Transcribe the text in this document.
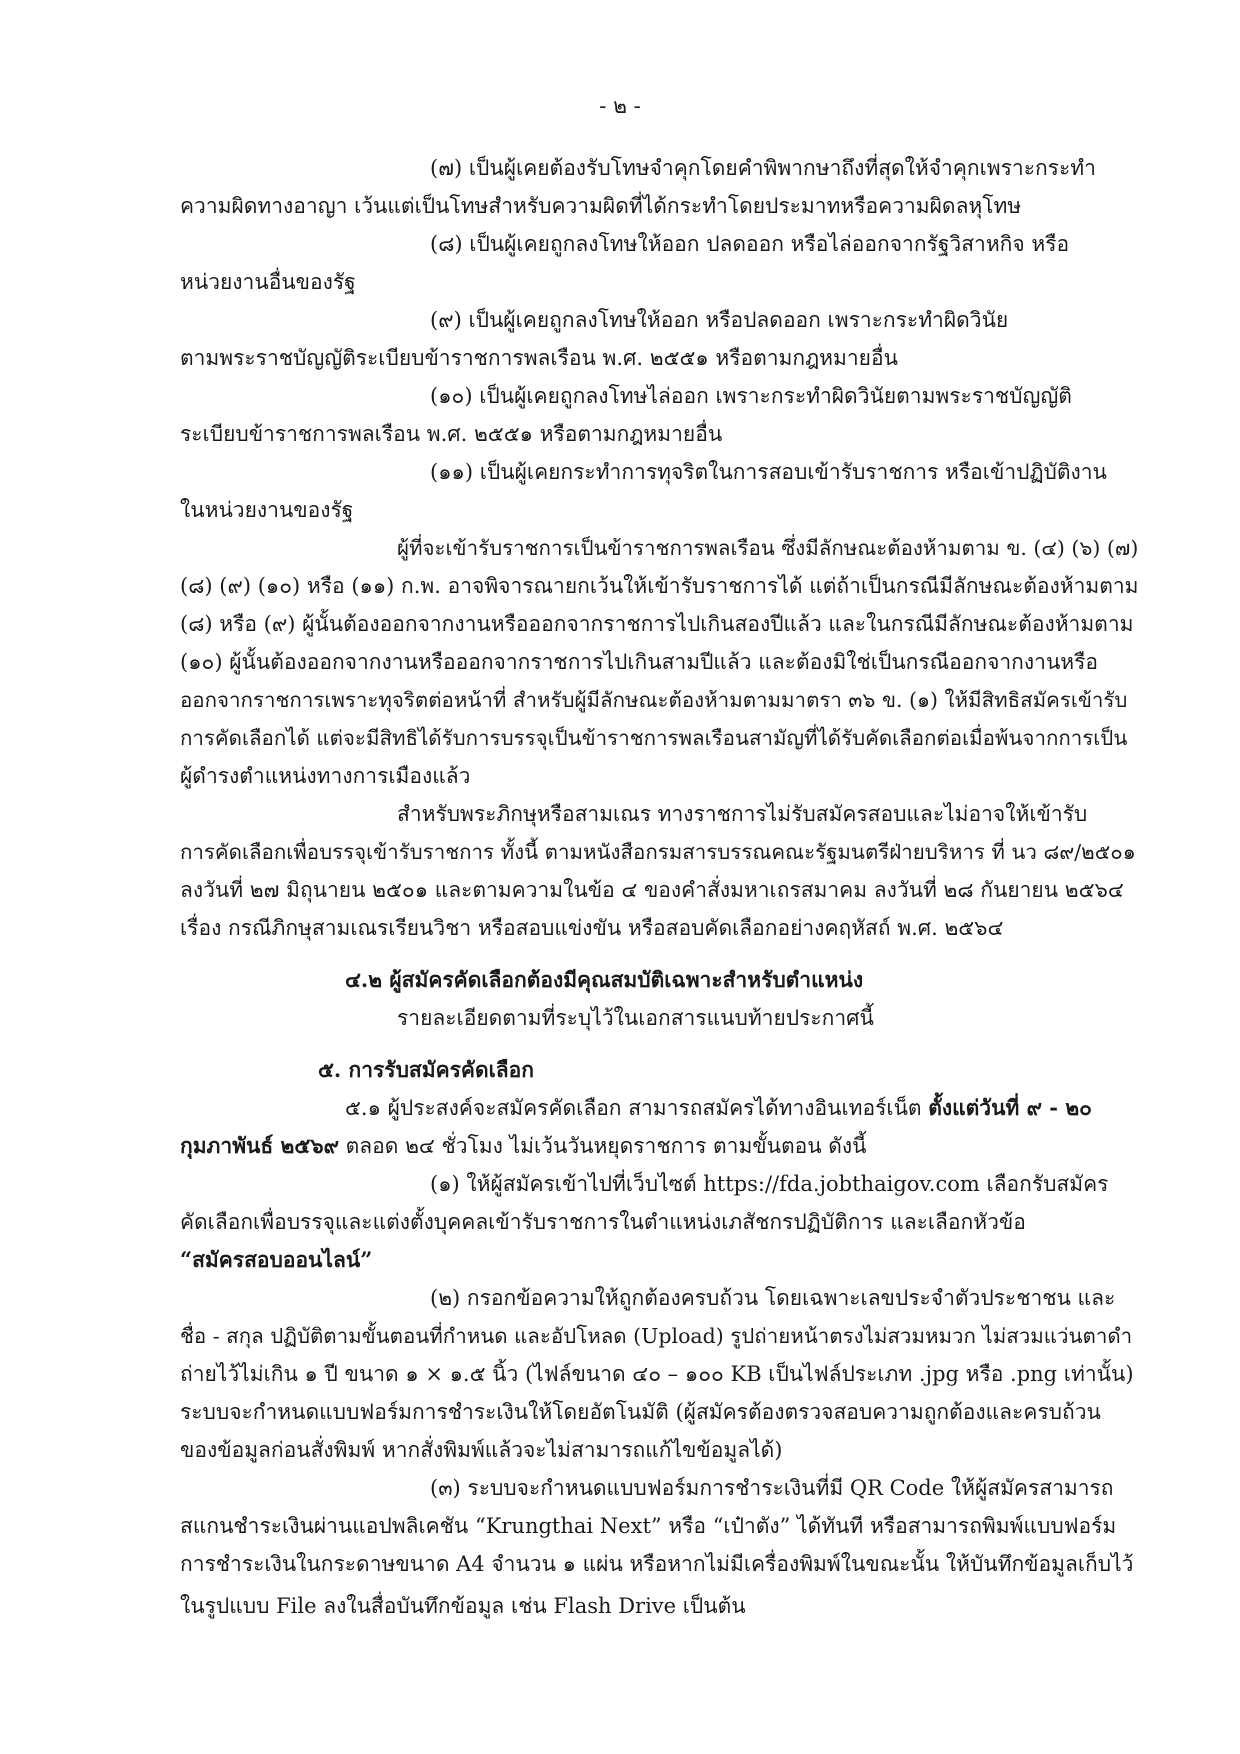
- ๒ -
(๗) เป็นผู้เคยต้องรับโทษจำคุกโดยคำพิพากษาถึงที่สุดให้จำคุกเพราะกระทำ
ความผิดทางอาญา เว้นแต่เป็นโทษสำหรับความผิดที่ได้กระทำโดยประมาทหรือความผิดลหุโทษ
(๘) เป็นผู้เคยถูกลงโทษให้ออก ปลดออก หรือไล่ออกจากรัฐวิสาหกิจ หรือ
หน่วยงานอื่นของรัฐ
(๙) เป็นผู้เคยถูกลงโทษให้ออก หรือปลดออก เพราะกระทำผิดวินัย
ตามพระราชบัญญัติระเบียบข้าราชการพลเรือน พ.ศ. ๒๕๕๑ หรือตามกฎหมายอื่น
(๑๐) เป็นผู้เคยถูกลงโทษไล่ออก เพราะกระทำผิดวินัยตามพระราชบัญญัติ
ระเบียบข้าราชการพลเรือน พ.ศ. ๒๕๕๑ หรือตามกฎหมายอื่น
(๑๑) เป็นผู้เคยกระทำการทุจริตในการสอบเข้ารับราชการ หรือเข้าปฏิบัติงาน
ในหน่วยงานของรัฐ
ผู้ที่จะเข้ารับราชการเป็นข้าราชการพลเรือน ซึ่งมีลักษณะต้องห้ามตาม ข. (๔) (๖) (๗)
(๘) (๙) (๑๐) หรือ (๑๑) ก.พ. อาจพิจารณายกเว้นให้เข้ารับราชการได้ แต่ถ้าเป็นกรณีมีลักษณะต้องห้ามตาม
(๘) หรือ (๙) ผู้นั้นต้องออกจากงานหรือออกจากราชการไปเกินสองปีแล้ว และในกรณีมีลักษณะต้องห้ามตาม
(๑๐) ผู้นั้นต้องออกจากงานหรือออกจากราชการไปเกินสามปีแล้ว และต้องมิใช่เป็นกรณีออกจากงานหรือ
ออกจากราชการเพราะทุจริตต่อหน้าที่ สำหรับผู้มีลักษณะต้องห้ามตามมาตรา ๓๖ ข. (๑) ให้มีสิทธิสมัครเข้ารับ
การคัดเลือกได้ แต่จะมีสิทธิได้รับการบรรจุเป็นข้าราชการพลเรือนสามัญที่ได้รับคัดเลือกต่อเมื่อพ้นจากการเป็น
ผู้ดำรงตำแหน่งทางการเมืองแล้ว
สำหรับพระภิกษุหรือสามเณร ทางราชการไม่รับสมัครสอบและไม่อาจให้เข้ารับ
การคัดเลือกเพื่อบรรจุเข้ารับราชการ ทั้งนี้ ตามหนังสือกรมสารบรรณคณะรัฐมนตรีฝ่ายบริหาร ที่ นว ๘๙/๒๕๐๑
ลงวันที่ ๒๗ มิถุนายน ๒๕๐๑ และตามความในข้อ ๔ ของคำสั่งมหาเถรสมาคม ลงวันที่ ๒๘ กันยายน ๒๕๖๔
เรื่อง กรณีภิกษุสามเณรเรียนวิชา หรือสอบแข่งขัน หรือสอบคัดเลือกอย่างคฤหัสถ์ พ.ศ. ๒๕๖๔
๔.๒ ผู้สมัครคัดเลือกต้องมีคุณสมบัติเฉพาะสำหรับตำแหน่ง
รายละเอียดตามที่ระบุไว้ในเอกสารแนบท้ายประกาศนี้
๕. การรับสมัครคัดเลือก
๕.๑ ผู้ประสงค์จะสมัครคัดเลือก สามารถสมัครได้ทางอินเทอร์เน็ต ตั้งแต่วันที่ ๙ - ๒๐
กุมภาพันธ์ ๒๕๖๙ ตลอด ๒๔ ชั่วโมง ไม่เว้นวันหยุดราชการ ตามขั้นตอน ดังนี้
(๑) ให้ผู้สมัครเข้าไปที่เว็บไซต์ https://fda.jobthaigov.com เลือกรับสมัคร
คัดเลือกเพื่อบรรจุและแต่งตั้งบุคคลเข้ารับราชการในตำแหน่งเภสัชกรปฏิบัติการ และเลือกหัวข้อ
“สมัครสอบออนไลน์”
(๒) กรอกข้อความให้ถูกต้องครบถ้วน โดยเฉพาะเลขประจำตัวประชาชน และ
ชื่อ - สกุล ปฏิบัติตามขั้นตอนที่กำหนด และอัปโหลด (Upload) รูปถ่ายหน้าตรงไม่สวมหมวก ไม่สวมแว่นตาดำ
ถ่ายไว้ไม่เกิน ๑ ปี ขนาด ๑ × ๑.๕ นิ้ว (ไฟล์ขนาด ๔๐ – ๑๐๐ KB เป็นไฟล์ประเภท .jpg หรือ .png เท่านั้น)
ระบบจะกำหนดแบบฟอร์มการชำระเงินให้โดยอัตโนมัติ (ผู้สมัครต้องตรวจสอบความถูกต้องและครบถ้วน
ของข้อมูลก่อนสั่งพิมพ์ หากสั่งพิมพ์แล้วจะไม่สามารถแก้ไขข้อมูลได้)
(๓) ระบบจะกำหนดแบบฟอร์มการชำระเงินที่มี QR Code ให้ผู้สมัครสามารถ
สแกนชำระเงินผ่านแอปพลิเคชัน “Krungthai Next” หรือ “เป๋าตัง” ได้ทันที หรือสามารถพิมพ์แบบฟอร์ม
การชำระเงินในกระดาษขนาด A4 จำนวน ๑ แผ่น หรือหากไม่มีเครื่องพิมพ์ในขณะนั้น ให้บันทึกข้อมูลเก็บไว้
ในรูปแบบ File ลงในสื่อบันทึกข้อมูล เช่น Flash Drive เป็นต้น
